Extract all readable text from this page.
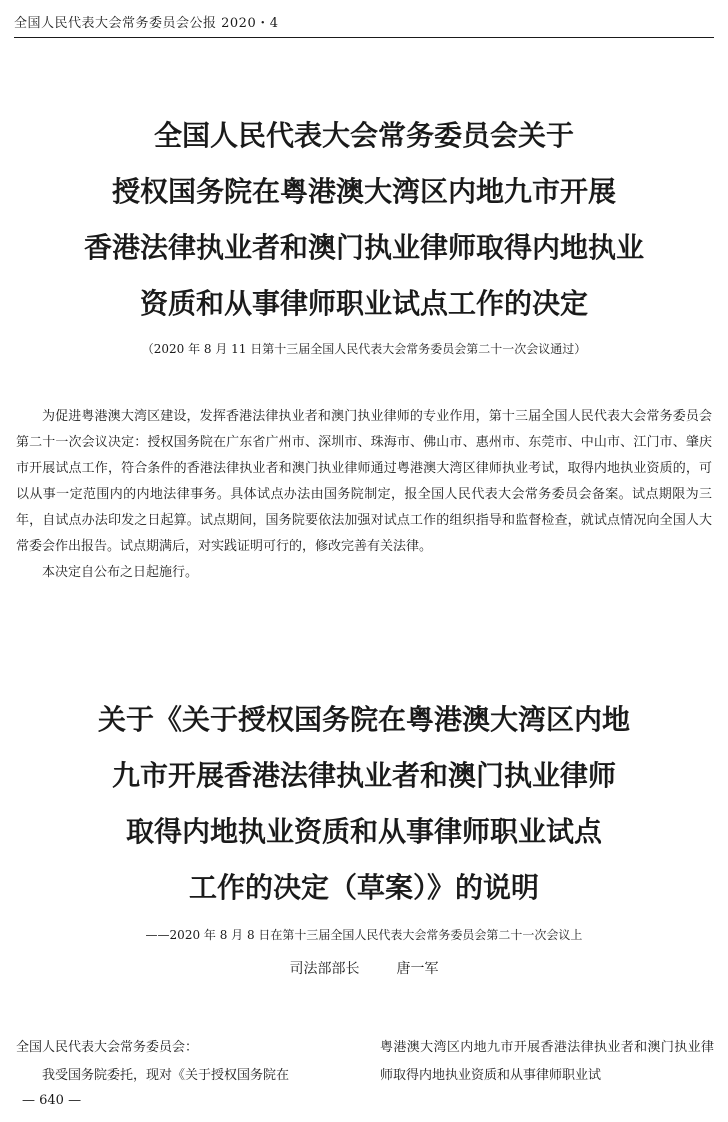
全国人民代表大会常务委员会公报 2020・4
全国人民代表大会常务委员会关于
授权国务院在粤港澳大湾区内地九市开展
香港法律执业者和澳门执业律师取得内地执业
资质和从事律师职业试点工作的决定
（2020 年 8 月 11 日第十三届全国人民代表大会常务委员会第二十一次会议通过）

为促进粤港澳大湾区建设，发挥香港法律执业者和澳门执业律师的专业作用，第十三届全国人民代表大会常务委员会第二十一次会议决定：授权国务院在广东省广州市、深圳市、珠海市、佛山市、惠州市、东莞市、中山市、江门市、肇庆市开展试点工作，符合条件的香港法律执业者和澳门执业律师通过粤港澳大湾区律师执业考试，取得内地执业资质的，可以从事一定范围内的内地法律事务。具体试点办法由国务院制定，报全国人民代表大会常务委员会备案。试点期限为三年，自试点办法印发之日起算。试点期间，国务院要依法加强对试点工作的组织指导和监督检查，就试点情况向全国人大常委会作出报告。试点期满后，对实践证明可行的，修改完善有关法律。

本决定自公布之日起施行。

关于《关于授权国务院在粤港澳大湾区内地
九市开展香港法律执业者和澳门执业律师
取得内地执业资质和从事律师职业试点
工作的决定（草案）》的说明
——2020 年 8 月 8 日在第十三届全国人民代表大会常务委员会第二十一次会议上
司法部部长	唐一军

全国人民代表大会常务委员会：

我受国务院委托，现对《关于授权国务院在

粤港澳大湾区内地九市开展香港法律执业者和澳门执业律师取得内地执业资质和从事律师职业试

— 640 —
